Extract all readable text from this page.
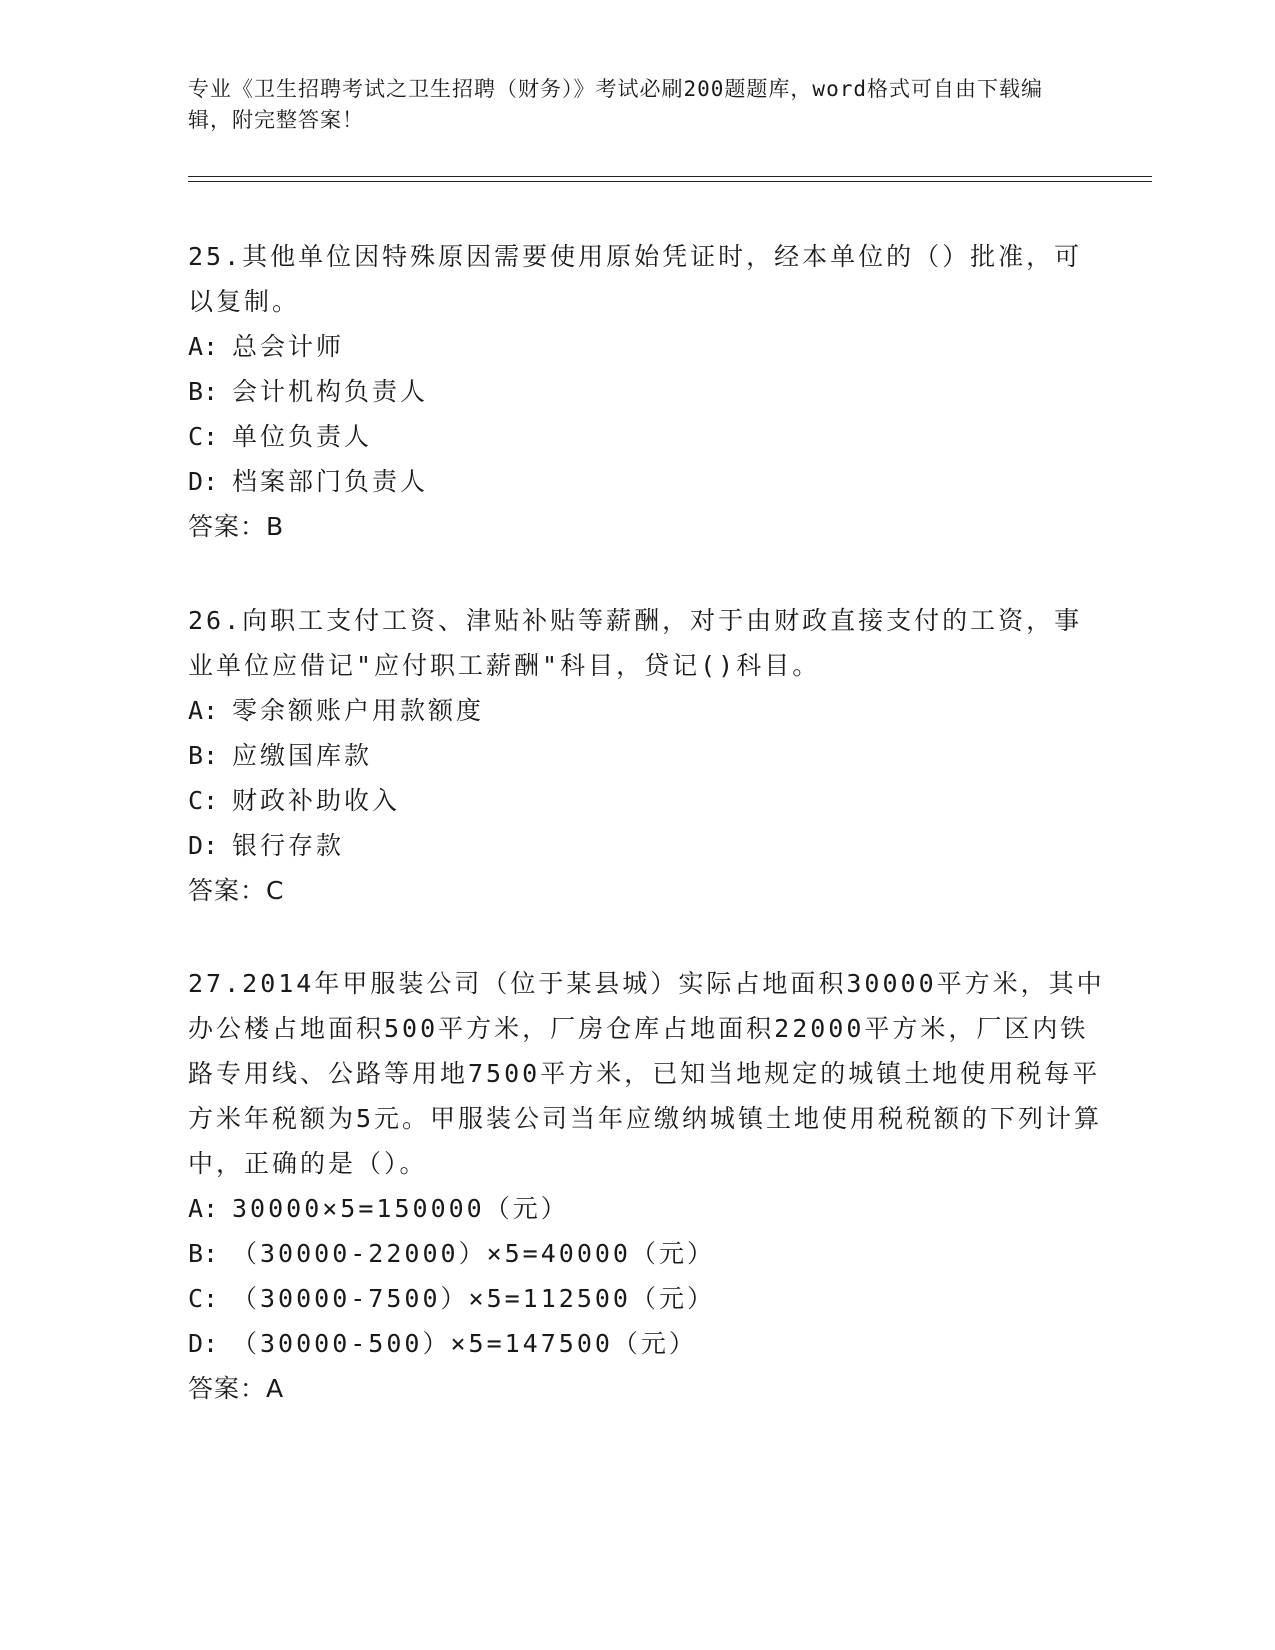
专业《卫生招聘考试之卫生招聘（财务）》考试必刷200题题库，word格式可自由下载编辑，附完整答案！

25.其他单位因特殊原因需要使用原始凭证时，经本单位的（）批准，可以复制。

A: 总会计师

B: 会计机构负责人

C: 单位负责人

D: 档案部门负责人

答案：B

26.向职工支付工资、津贴补贴等薪酬，对于由财政直接支付的工资，事业单位应借记"应付职工薪酬"科目，贷记()科目。

A: 零余额账户用款额度

B: 应缴国库款

C: 财政补助收入

D: 银行存款

答案：C

27.2014年甲服装公司（位于某县城）实际占地面积30000平方米，其中办公楼占地面积500平方米，厂房仓库占地面积22000平方米，厂区内铁路专用线、公路等用地7500平方米，已知当地规定的城镇土地使用税每平方米年税额为5元。甲服装公司当年应缴纳城镇土地使用税税额的下列计算中，正确的是（）。

A: 30000×5=150000（元）

B: （30000-22000）×5=40000（元）

C: （30000-7500）×5=112500（元）

D: （30000-500）×5=147500（元）

答案：A
